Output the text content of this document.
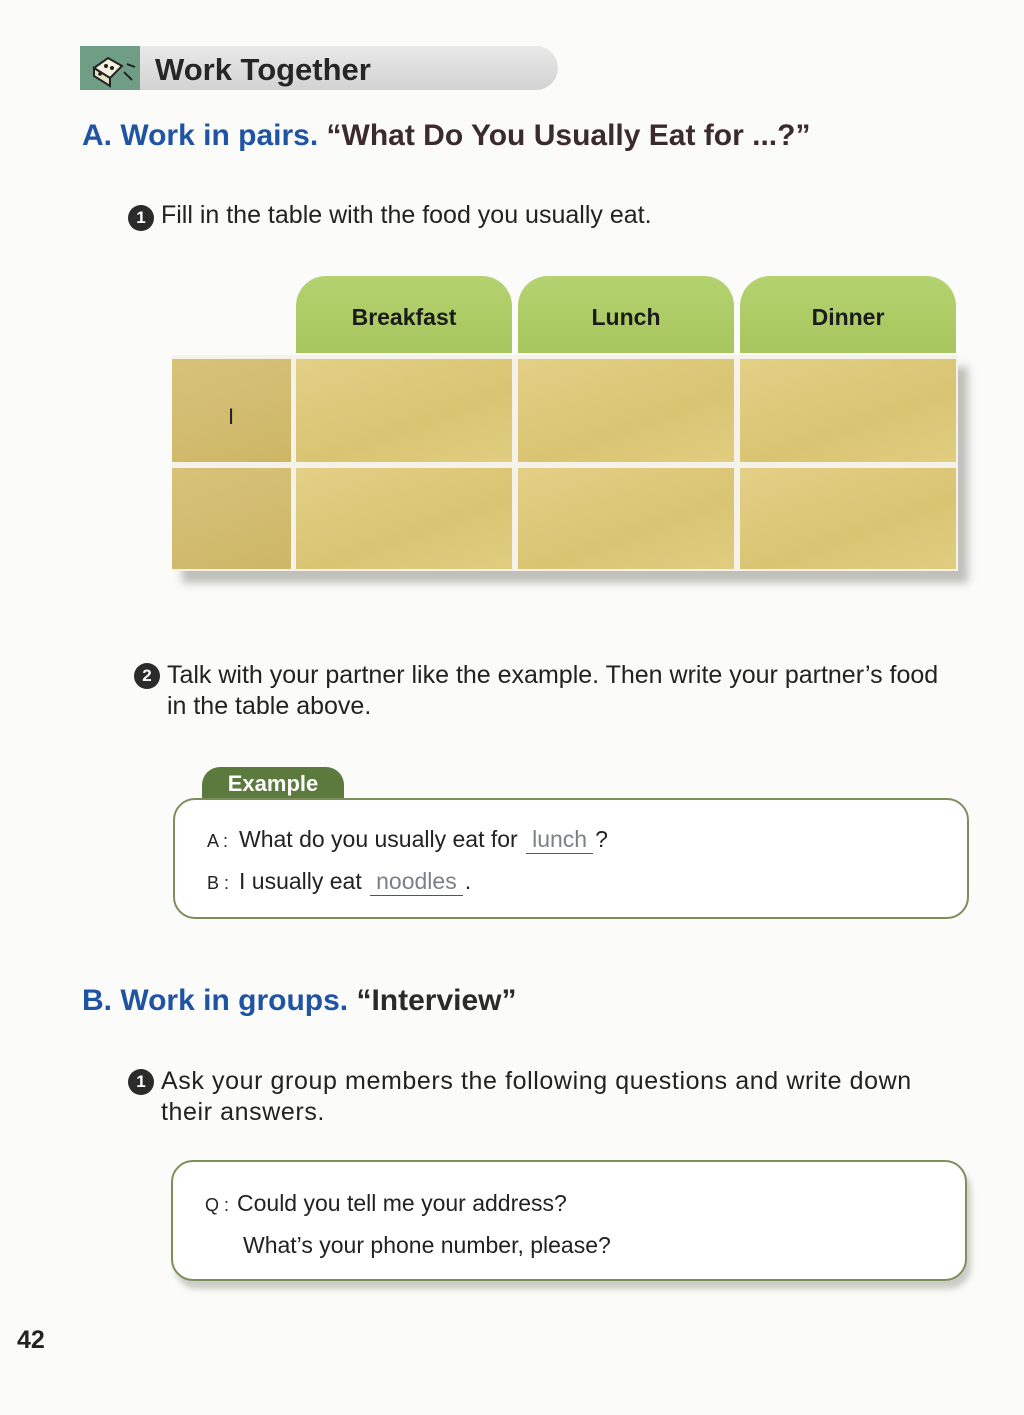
Work Together
A. Work in pairs. “What Do You Usually Eat for ...?”
1 Fill in the table with the food you usually eat.
Breakfast	Lunch	Dinner
I
2 Talk with your partner like the example. Then write your partner’s food in the table above.
Example
A : What do you usually eat for lunch ?
B : I usually eat noodles .
B. Work in groups. “Interview”
1 Ask your group members the following questions and write down their answers.
Q : Could you tell me your address?
What’s your phone number, please?
42
